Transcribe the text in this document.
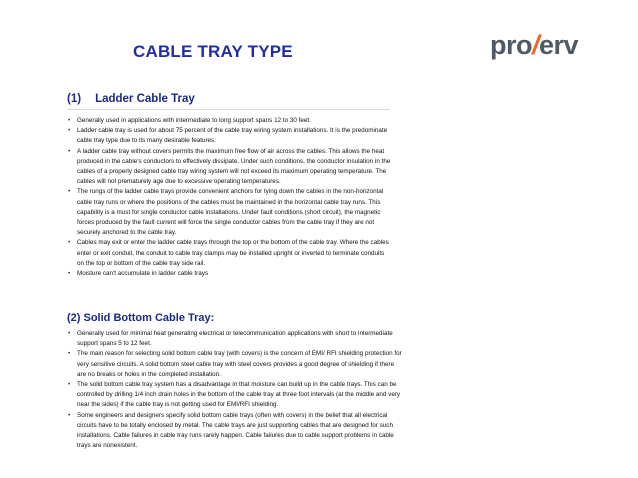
CABLE TRAY TYPE	pro/erv
(1) Ladder Cable Tray
• Generally used in applications with intermediate to long support spans 12 to 30 feet.
• Ladder cable tray is used for about 75 percent of the cable tray wiring system installations. It is the predominate cable tray type due to its many desirable features:
• A ladder cable tray without covers permits the maximum free flow of air across the cables. This allows the heat produced in the cable's conductors to effectively dissipate. Under such conditions, the conductor insulation in the cables of a properly designed cable tray wiring system will not exceed its maximum operating temperature. The cables will not prematurely age due to excessive operating temperatures.
• The rungs of the ladder cable trays provide convenient anchors for tying down the cables in the non-horizontal cable tray runs or where the positions of the cables must be maintained in the horizontal cable tray runs. This capability is a must for single conductor cable installations. Under fault conditions (short circuit), the magnetic forces produced by the fault current will force the single conductor cables from the cable tray if they are not securely anchored to the cable tray.
• Cables may exit or enter the ladder cable trays through the top or the bottom of the cable tray. Where the cables enter or exit conduit, the conduit to cable tray clamps may be installed upright or inverted to terminate conduits on the top or bottom of the cable tray side rail.
• Moisture can't accumulate in ladder cable trays
(2) Solid Bottom Cable Tray:
• Generally used for minimal heat generating electrical or telecommunication applications with short to intermediate support spans 5 to 12 feet.
• The main reason for selecting solid bottom cable tray (with covers) is the concern of EMI/ RFI shielding protection for very sensitive circuits. A solid bottom steel cable tray with steel covers provides a good degree of shielding if there are no breaks or holes in the completed installation.
• The solid bottom cable tray system has a disadvantage in that moisture can build up in the cable trays. This can be controlled by drilling 1/4 inch drain holes in the bottom of the cable tray at three foot intervals (at the middle and very near the sides) if the cable tray is not getting used for EMI/RFI shielding.
• Some engineers and designers specify solid bottom cable trays (often with covers) in the belief that all electrical circuits have to be totally enclosed by metal. The cable trays are just supporting cables that are designed for such installations. Cable failures in cable tray runs rarely happen. Cable failures due to cable support problems in cable trays are nonexistent.
